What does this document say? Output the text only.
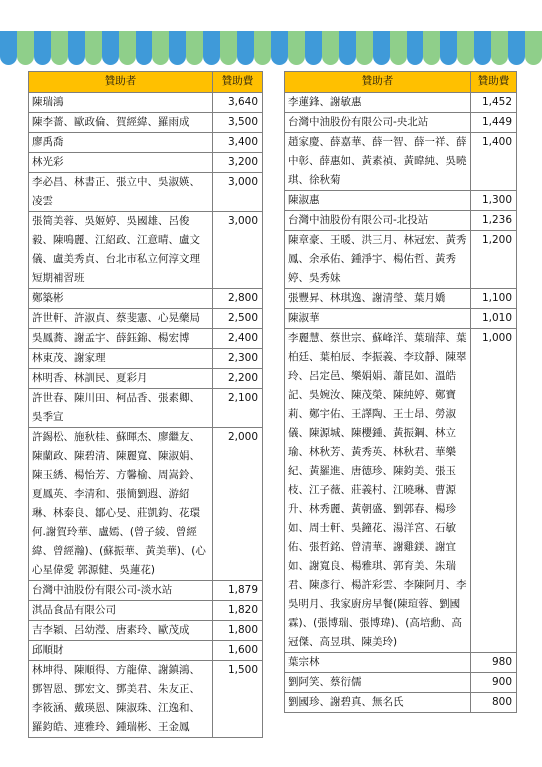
贊助者	贊助費
陳瑞鴻	3,640
陳李薔、歐政倫、賀經緯、羅雨成	3,500
廖禹喬	3,400
林光彩	3,200
李必昌、林書正、張立中、吳淑媖、凌雲	3,000
張简美蓉、吳姬婷、吳國雄、呂俊毅、陳鳴麗、江紹政、江意晴、盧文儀、盧美秀貞、台北市私立何淳文理短期補習班	3,000
鄭築彬	2,800
許世軒、許淑貞、蔡斐憲、心晃藥局	2,500
吳鳳蕎、謝孟宇、薛鈺錦、楊宏博	2,400
林東茂、謝家理	2,300
林明香、林訓民、夏彩月	2,200
許世春、陳川田、柯品香、張素卿、吳季宣	2,100
許錫松、施秋桂、蘇暉杰、廖繼友、陳蘭政、陳碧清、陳麗寬、陳淑娟、陳玉綉、楊怡芳、方馨榆、周嵩鈴、夏鳳英、李清和、張簡劉遐、游紹琳、林泰良、鄒心旻、莊凱鈞、花環何.謝賀玲華、盧嫣、(曾子綾、曾經緯、曾經瀚)、(蘇振華、黃美華)、(心心星偉愛 郭源健、吳蓮花)	2,000
台灣中油股份有限公司-淡水站	1,879
淇品食品有限公司	1,820
吉李穎、呂幼瀅、唐素玲、歐茂成	1,800
邱順財	1,600
林坤得、陳順得、方龍偉、謝鎮鴻、鄧智恩、鄧宏文、鄧美君、朱友正、李筱涵、戴瑛恩、陳淑珠、江逸和、羅鈞皓、連雅玲、鍾瑞彬、王金鳳	1,500
贊助者	贊助費
李蓮鋒、謝敏惠	1,452
台灣中油股份有限公司-央北站	1,449
趙家慶、薛嘉華、薛一智、薛一祥、薛中彰、薛惠如、黃素禎、黃暐純、吳曉琪、徐秋菊	1,400
陳淑惠	1,300
台灣中油股份有限公司-北投站	1,236
陳章豪、王暖、洪三月、林冠宏、黃秀鳳、余承佑、鍾淨宇、楊佑哲、黃秀婷、吳秀妹	1,200
張豐昇、林琪逸、謝清瑩、葉月嬌	1,100
陳淑華	1,010
李麗慧、蔡世宗、蘇峰洋、葉瑞萍、葉柏廷、葉柏辰、李振義、李玟靜、陳翠玲、呂定邑、樂娟娟、蕭昆如、溫皓記、吳婉汝、陳茂榮、陳純婷、鄭寶莉、鄭宇佑、王譯陶、王士昂、勞淑儀、陳源城、陳櫻鍾、黃振鋼、林立瑜、林秋芳、黃秀英、林秋君、華樂紀、黃羅進、唐德珍、陳鈞美、張玉枝、江子薇、莊義村、江曉琳、曹源升、林秀麗、黃朝盛、劉郭春、楊珍如、周士軒、吳鐘花、湯洋宮、石敏佑、張哲銘、曾清華、謝雞鎂、謝宜如、謝寬良、楊雅琪、郭育美、朱瑞君、陳彥行、楊許彩雲、李陳阿月、李吳明月、我家廚房早餐(陳瑄蓉、劉國霖)、(張博瑞、張博瑋)、(高培勳、高冠傑、高昱琪、陳美玲)	1,000
葉宗林	980
劉阿笑、蔡衍儒	900
劉國珍、謝碧真、無名氏	800
